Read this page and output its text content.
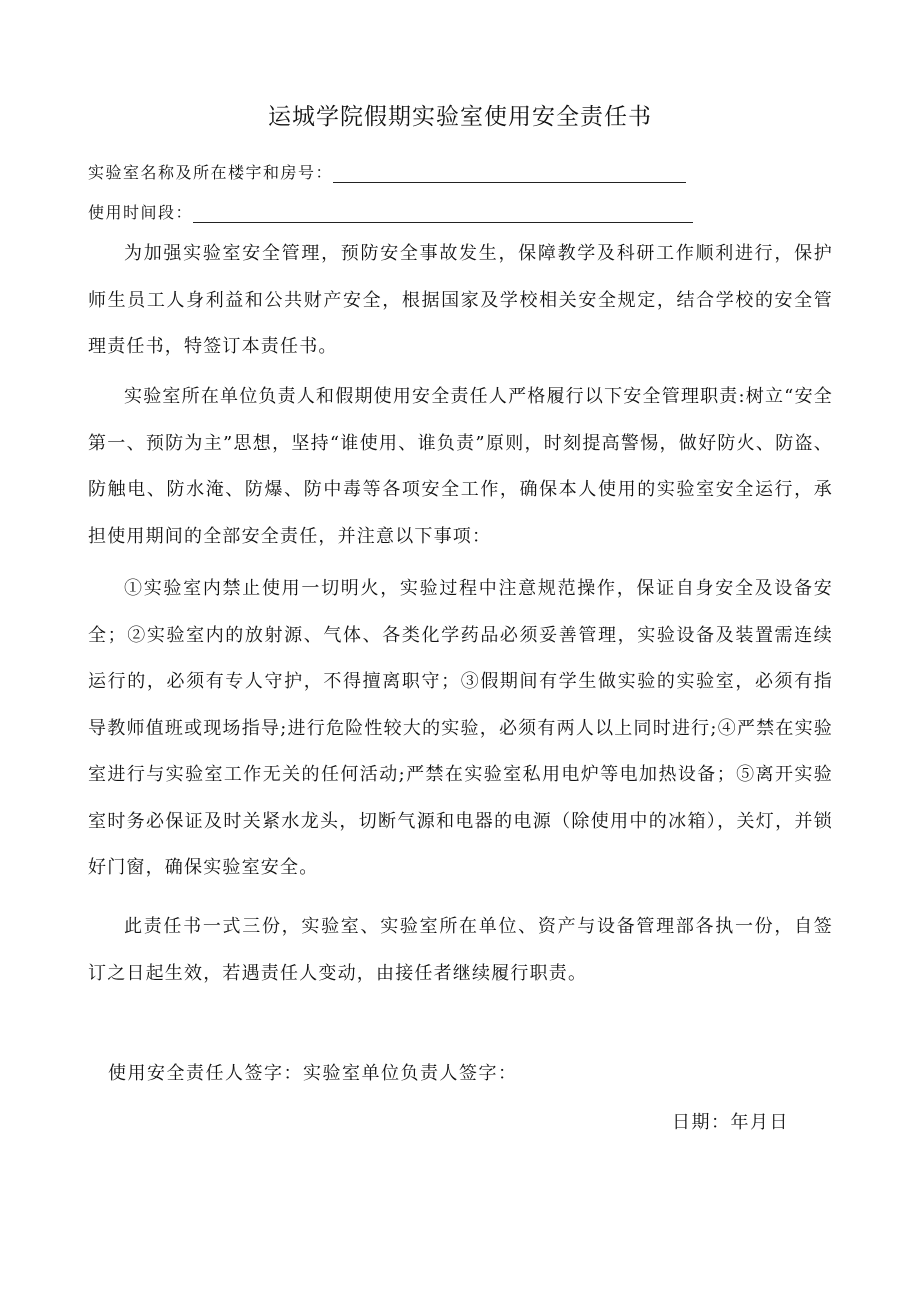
运城学院假期实验室使用安全责任书
实验室名称及所在楼宇和房号：
使用时间段：

为加强实验室安全管理，预防安全事故发生，保障教学及科研工作顺利进行，保护师生员工人身利益和公共财产安全，根据国家及学校相关安全规定，结合学校的安全管理责任书，特签订本责任书。

实验室所在单位负责人和假期使用安全责任人严格履行以下安全管理职责:树立“安全第一、预防为主”思想，坚持“谁使用、谁负责”原则，时刻提高警惕，做好防火、防盗、防触电、防水淹、防爆、防中毒等各项安全工作，确保本人使用的实验室安全运行，承担使用期间的全部安全责任，并注意以下事项：

①实验室内禁止使用一切明火，实验过程中注意规范操作，保证自身安全及设备安全；②实验室内的放射源、气体、各类化学药品必须妥善管理，实验设备及装置需连续运行的，必须有专人守护，不得擅离职守；③假期间有学生做实验的实验室，必须有指导教师值班或现场指导;进行危险性较大的实验，必须有两人以上同时进行;④严禁在实验室进行与实验室工作无关的任何活动;严禁在实验室私用电炉等电加热设备；⑤离开实验室时务必保证及时关紧水龙头，切断气源和电器的电源（除使用中的冰箱），关灯，并锁好门窗，确保实验室安全。

此责任书一式三份，实验室、实验室所在单位、资产与设备管理部各执一份，自签订之日起生效，若遇责任人变动，由接任者继续履行职责。

使用安全责任人签字：实验室单位负责人签字：
日期：年月日
